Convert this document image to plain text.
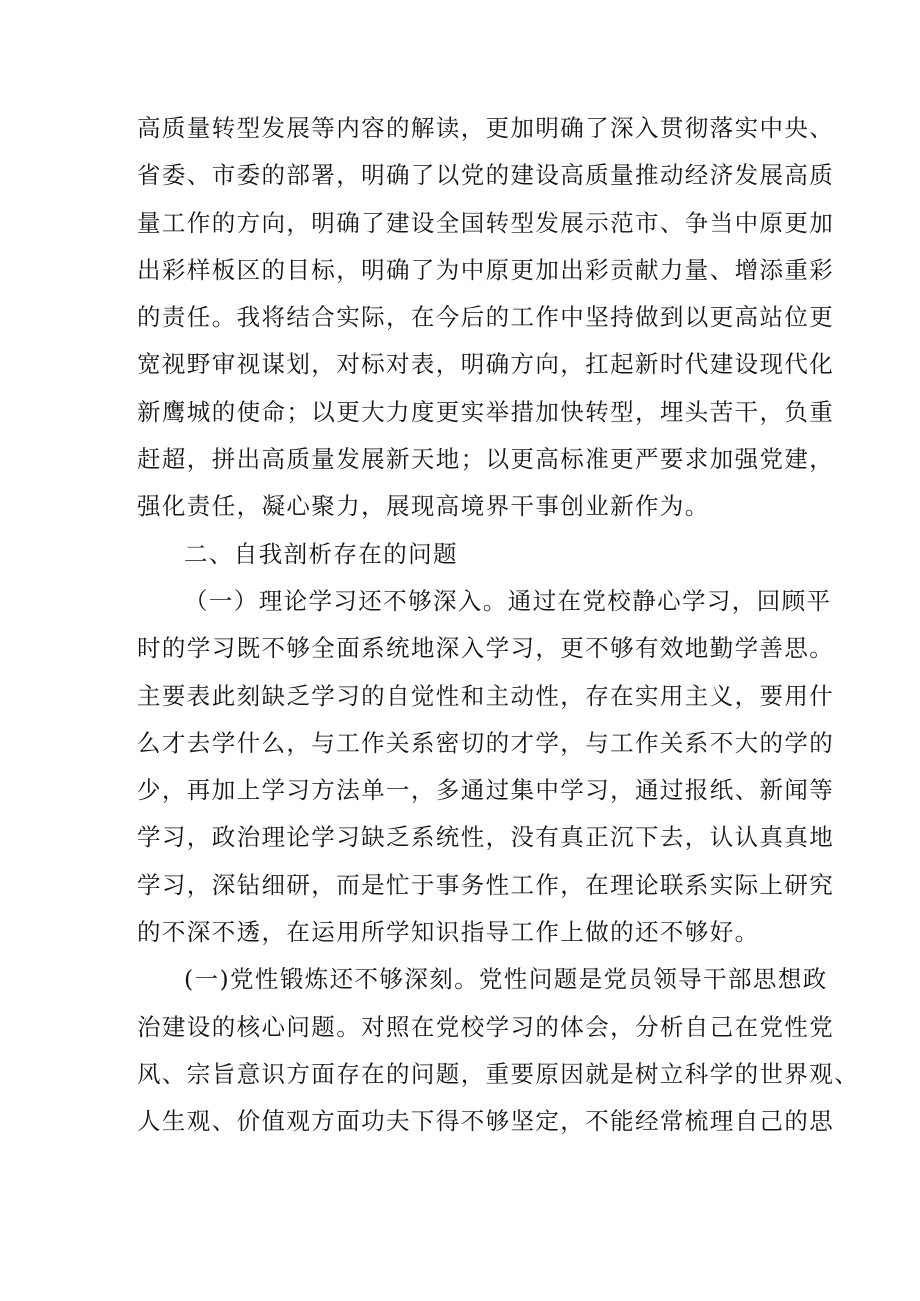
高质量转型发展等内容的解读，更加明确了深入贯彻落实中央、
省委、市委的部署，明确了以党的建设高质量推动经济发展高质
量工作的方向，明确了建设全国转型发展示范市、争当中原更加
出彩样板区的目标，明确了为中原更加出彩贡献力量、增添重彩
的责任。我将结合实际，在今后的工作中坚持做到以更高站位更
宽视野审视谋划，对标对表，明确方向，扛起新时代建设现代化
新鹰城的使命；以更大力度更实举措加快转型，埋头苦干，负重
赶超，拼出高质量发展新天地；以更高标准更严要求加强党建，
强化责任，凝心聚力，展现高境界干事创业新作为。
二、自我剖析存在的问题
（一）理论学习还不够深入。通过在党校静心学习，回顾平
时的学习既不够全面系统地深入学习，更不够有效地勤学善思。
主要表此刻缺乏学习的自觉性和主动性，存在实用主义，要用什
么才去学什么，与工作关系密切的才学，与工作关系不大的学的
少，再加上学习方法单一，多通过集中学习，通过报纸、新闻等
学习，政治理论学习缺乏系统性，没有真正沉下去，认认真真地
学习，深钻细研，而是忙于事务性工作，在理论联系实际上研究
的不深不透，在运用所学知识指导工作上做的还不够好。
(一)党性锻炼还不够深刻。党性问题是党员领导干部思想政
治建设的核心问题。对照在党校学习的体会，分析自己在党性党
风、宗旨意识方面存在的问题，重要原因就是树立科学的世界观、
人生观、价值观方面功夫下得不够坚定，不能经常梳理自己的思
